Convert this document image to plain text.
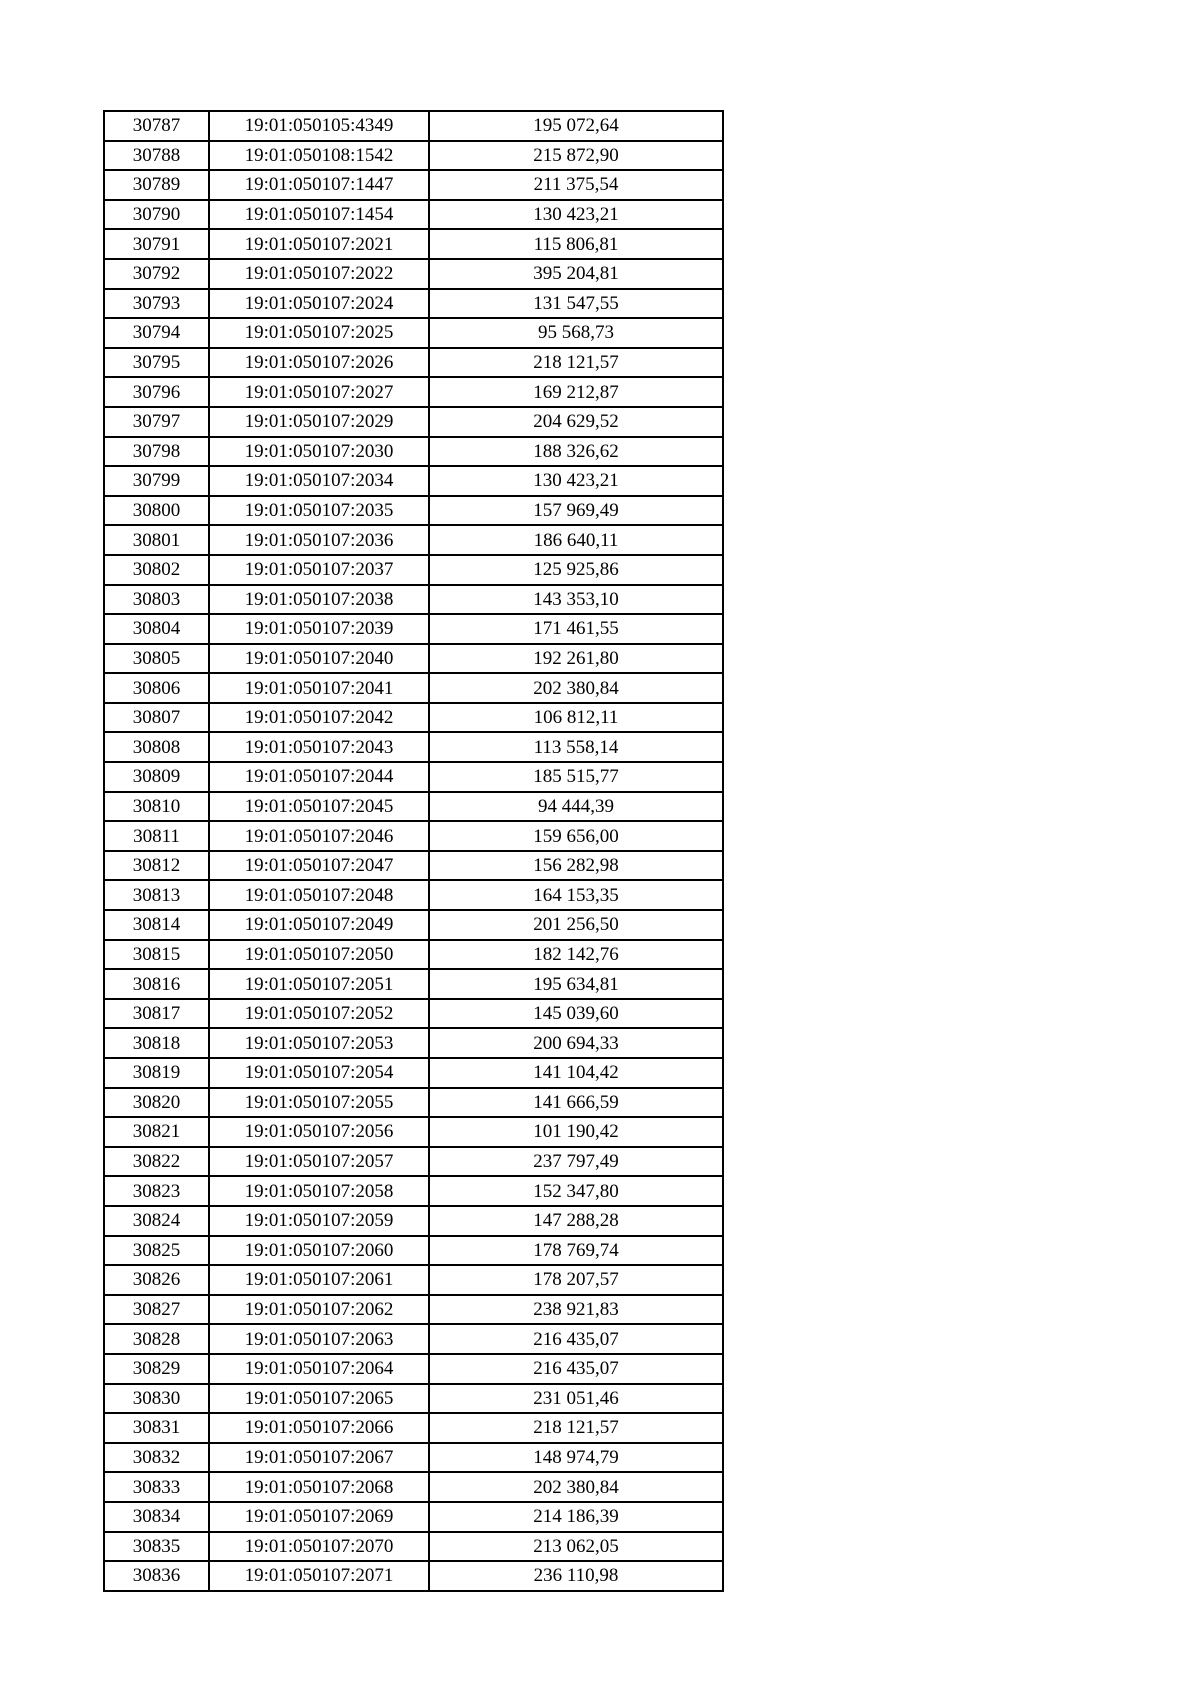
30787	19:01:050105:4349	195 072,64
30788	19:01:050108:1542	215 872,90
30789	19:01:050107:1447	211 375,54
30790	19:01:050107:1454	130 423,21
30791	19:01:050107:2021	115 806,81
30792	19:01:050107:2022	395 204,81
30793	19:01:050107:2024	131 547,55
30794	19:01:050107:2025	95 568,73
30795	19:01:050107:2026	218 121,57
30796	19:01:050107:2027	169 212,87
30797	19:01:050107:2029	204 629,52
30798	19:01:050107:2030	188 326,62
30799	19:01:050107:2034	130 423,21
30800	19:01:050107:2035	157 969,49
30801	19:01:050107:2036	186 640,11
30802	19:01:050107:2037	125 925,86
30803	19:01:050107:2038	143 353,10
30804	19:01:050107:2039	171 461,55
30805	19:01:050107:2040	192 261,80
30806	19:01:050107:2041	202 380,84
30807	19:01:050107:2042	106 812,11
30808	19:01:050107:2043	113 558,14
30809	19:01:050107:2044	185 515,77
30810	19:01:050107:2045	94 444,39
30811	19:01:050107:2046	159 656,00
30812	19:01:050107:2047	156 282,98
30813	19:01:050107:2048	164 153,35
30814	19:01:050107:2049	201 256,50
30815	19:01:050107:2050	182 142,76
30816	19:01:050107:2051	195 634,81
30817	19:01:050107:2052	145 039,60
30818	19:01:050107:2053	200 694,33
30819	19:01:050107:2054	141 104,42
30820	19:01:050107:2055	141 666,59
30821	19:01:050107:2056	101 190,42
30822	19:01:050107:2057	237 797,49
30823	19:01:050107:2058	152 347,80
30824	19:01:050107:2059	147 288,28
30825	19:01:050107:2060	178 769,74
30826	19:01:050107:2061	178 207,57
30827	19:01:050107:2062	238 921,83
30828	19:01:050107:2063	216 435,07
30829	19:01:050107:2064	216 435,07
30830	19:01:050107:2065	231 051,46
30831	19:01:050107:2066	218 121,57
30832	19:01:050107:2067	148 974,79
30833	19:01:050107:2068	202 380,84
30834	19:01:050107:2069	214 186,39
30835	19:01:050107:2070	213 062,05
30836	19:01:050107:2071	236 110,98
